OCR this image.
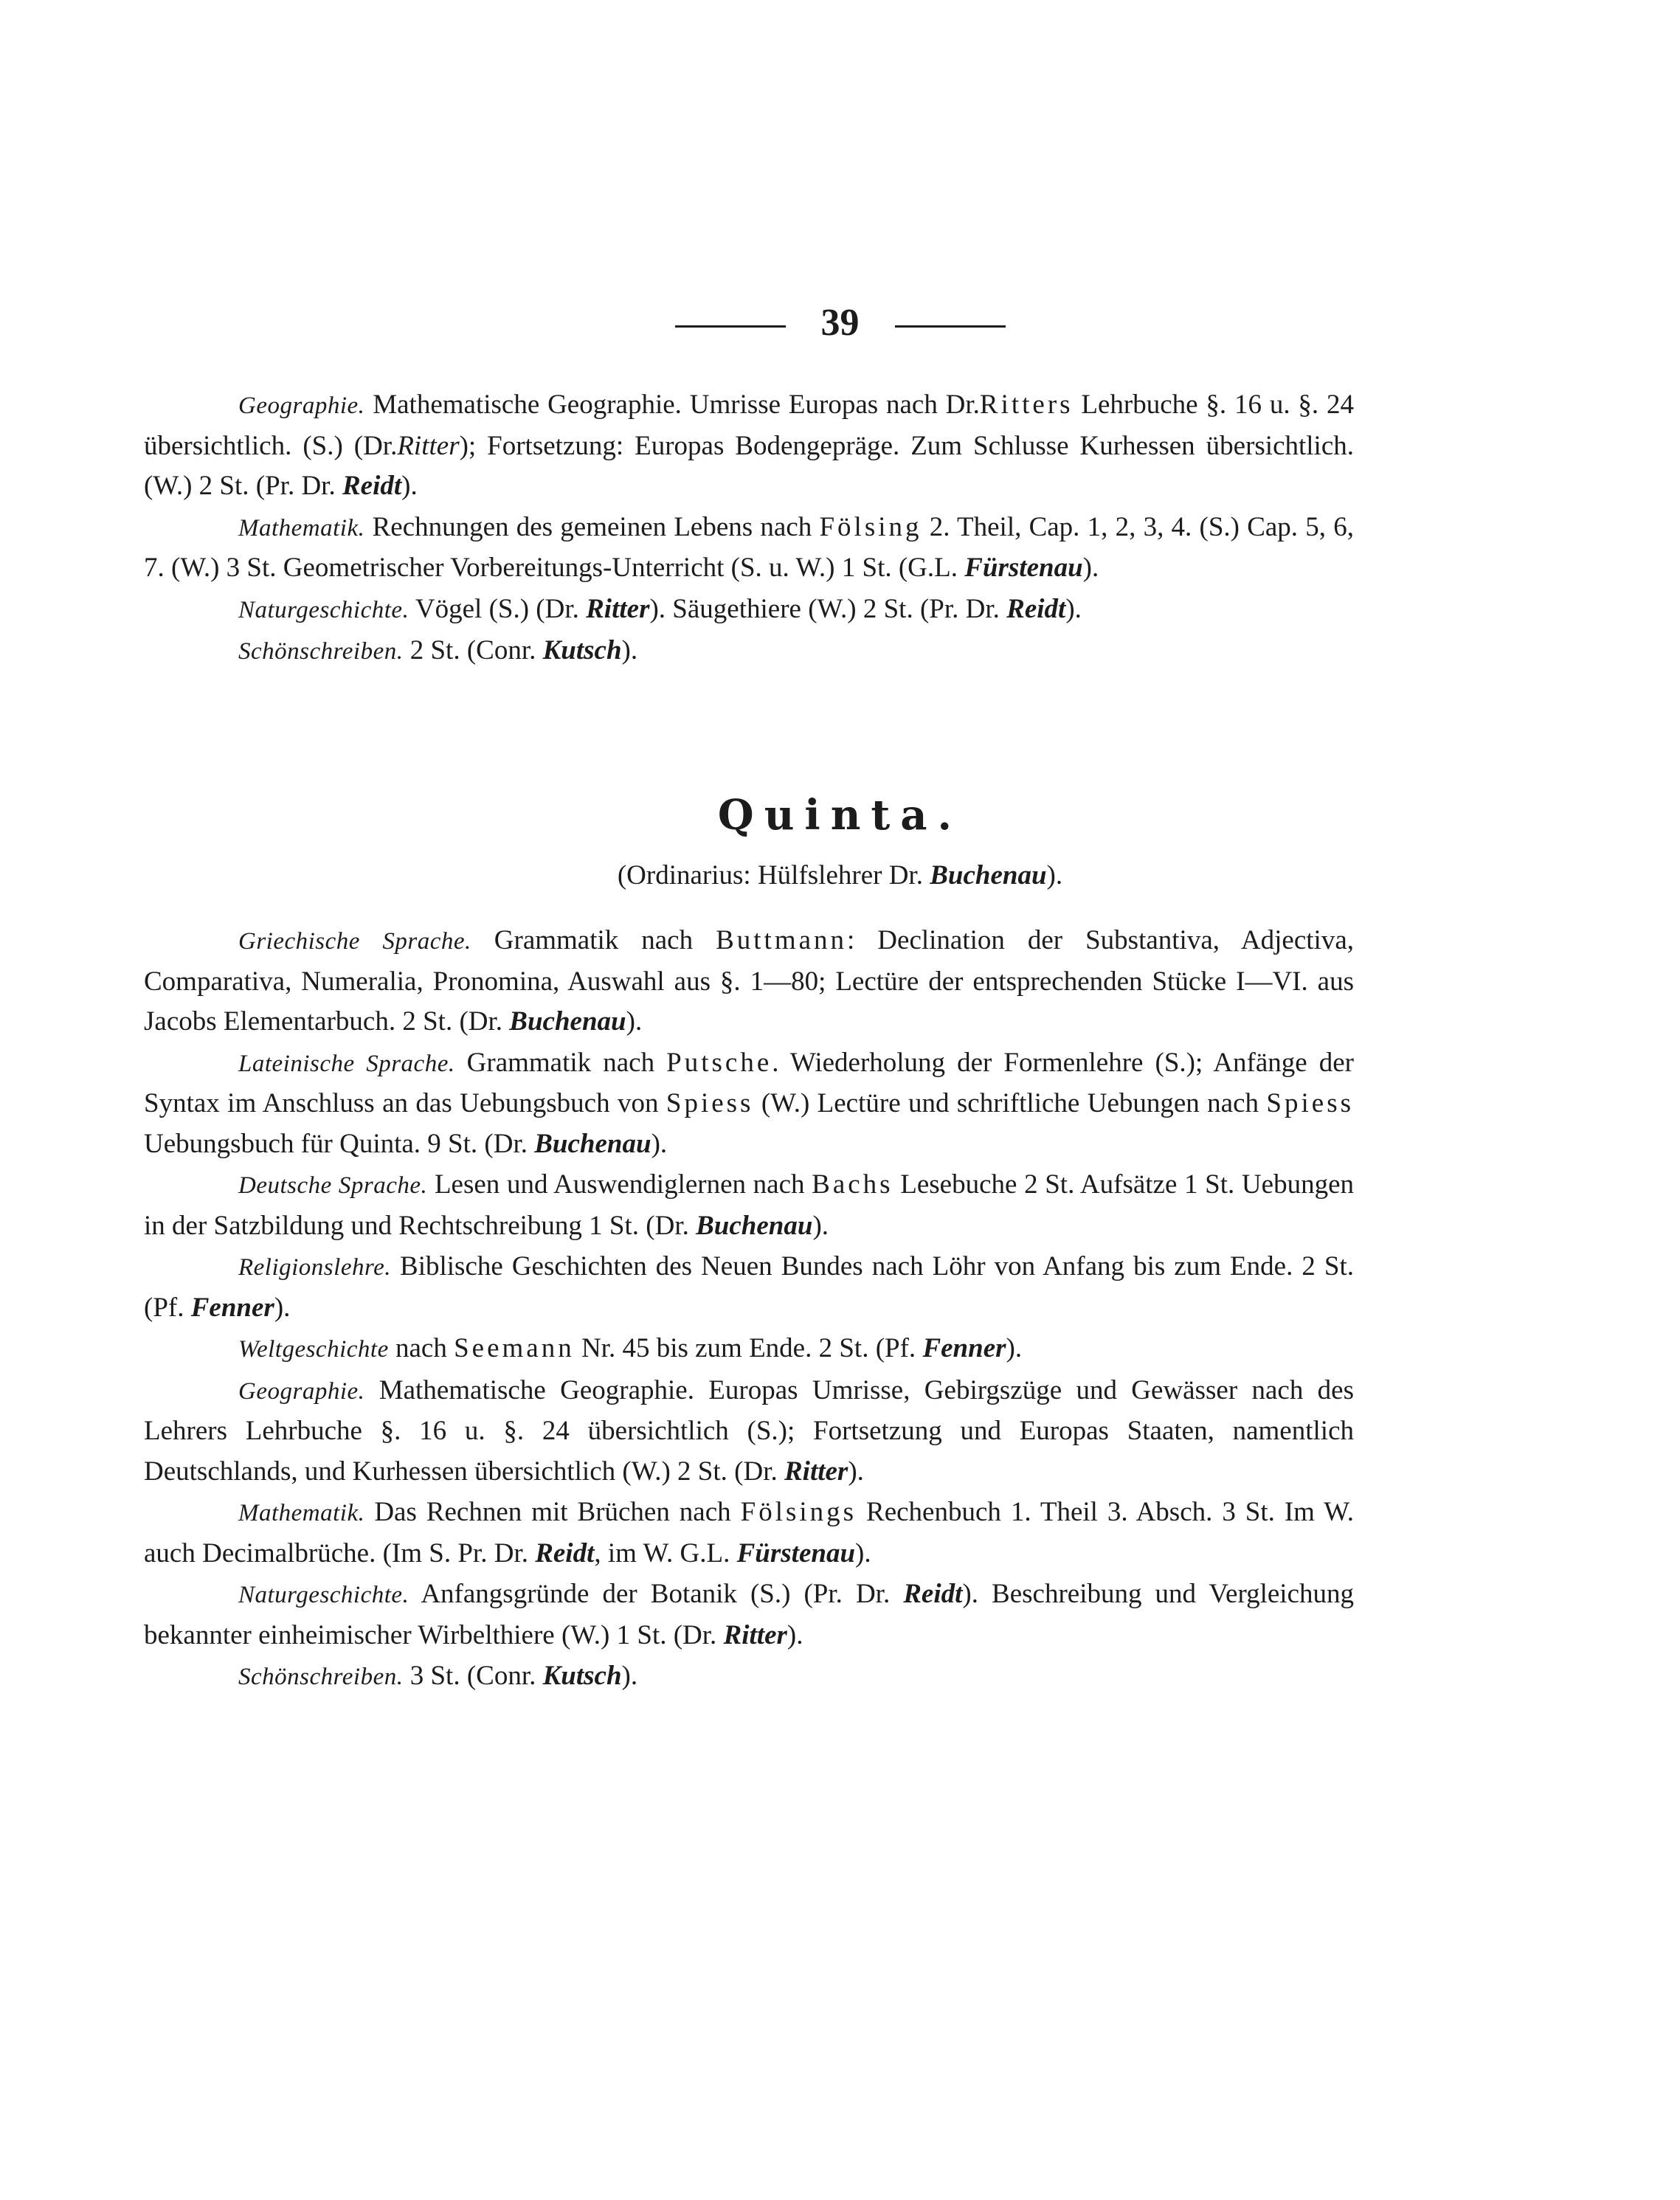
39

Geographie. Mathematische Geographie. Umrisse Europas nach Dr.Ritters Lehrbuche §. 16 u. §. 24 übersichtlich. (S.) (Dr.Ritter); Fortsetzung: Europas Bodengepräge. Zum Schlusse Kurhessen übersichtlich. (W.) 2 St. (Pr. Dr. Reidt).

Mathematik. Rechnungen des gemeinen Lebens nach Fölsing 2. Theil, Cap. 1, 2, 3, 4. (S.) Cap. 5, 6, 7. (W.) 3 St. Geometrischer Vorbereitungs-Unterricht (S. u. W.) 1 St. (G.L. Fürstenau).

Naturgeschichte. Vögel (S.) (Dr. Ritter). Säugethiere (W.) 2 St. (Pr. Dr. Reidt).

Schönschreiben. 2 St. (Conr. Kutsch).

Quinta.
(Ordinarius: Hülfslehrer Dr. Buchenau).

Griechische Sprache. Grammatik nach Buttmann: Declination der Substantiva, Adjectiva, Comparativa, Numeralia, Pronomina, Auswahl aus §. 1—80; Lectüre der entsprechenden Stücke I—VI. aus Jacobs Elementarbuch. 2 St. (Dr. Buchenau).

Lateinische Sprache. Grammatik nach Putsche. Wiederholung der Formenlehre (S.); Anfänge der Syntax im Anschluss an das Uebungsbuch von Spiess (W.) Lectüre und schriftliche Uebungen nach Spiess Uebungsbuch für Quinta. 9 St. (Dr. Buchenau).

Deutsche Sprache. Lesen und Auswendiglernen nach Bachs Lesebuche 2 St. Aufsätze 1 St. Uebungen in der Satzbildung und Rechtschreibung 1 St. (Dr. Buchenau).

Religionslehre. Biblische Geschichten des Neuen Bundes nach Löhr von Anfang bis zum Ende. 2 St. (Pf. Fenner).

Weltgeschichte nach Seemann Nr. 45 bis zum Ende. 2 St. (Pf. Fenner).

Geographie. Mathematische Geographie. Europas Umrisse, Gebirgszüge und Gewässer nach des Lehrers Lehrbuche §. 16 u. §. 24 übersichtlich (S.); Fortsetzung und Europas Staaten, namentlich Deutschlands, und Kurhessen übersichtlich (W.) 2 St. (Dr. Ritter).

Mathematik. Das Rechnen mit Brüchen nach Fölsings Rechenbuch 1. Theil 3. Absch. 3 St. Im W. auch Decimalbrüche. (Im S. Pr. Dr. Reidt, im W. G.L. Fürstenau).

Naturgeschichte. Anfangsgründe der Botanik (S.) (Pr. Dr. Reidt). Beschreibung und Vergleichung bekannter einheimischer Wirbelthiere (W.) 1 St. (Dr. Ritter).

Schönschreiben. 3 St. (Conr. Kutsch).
